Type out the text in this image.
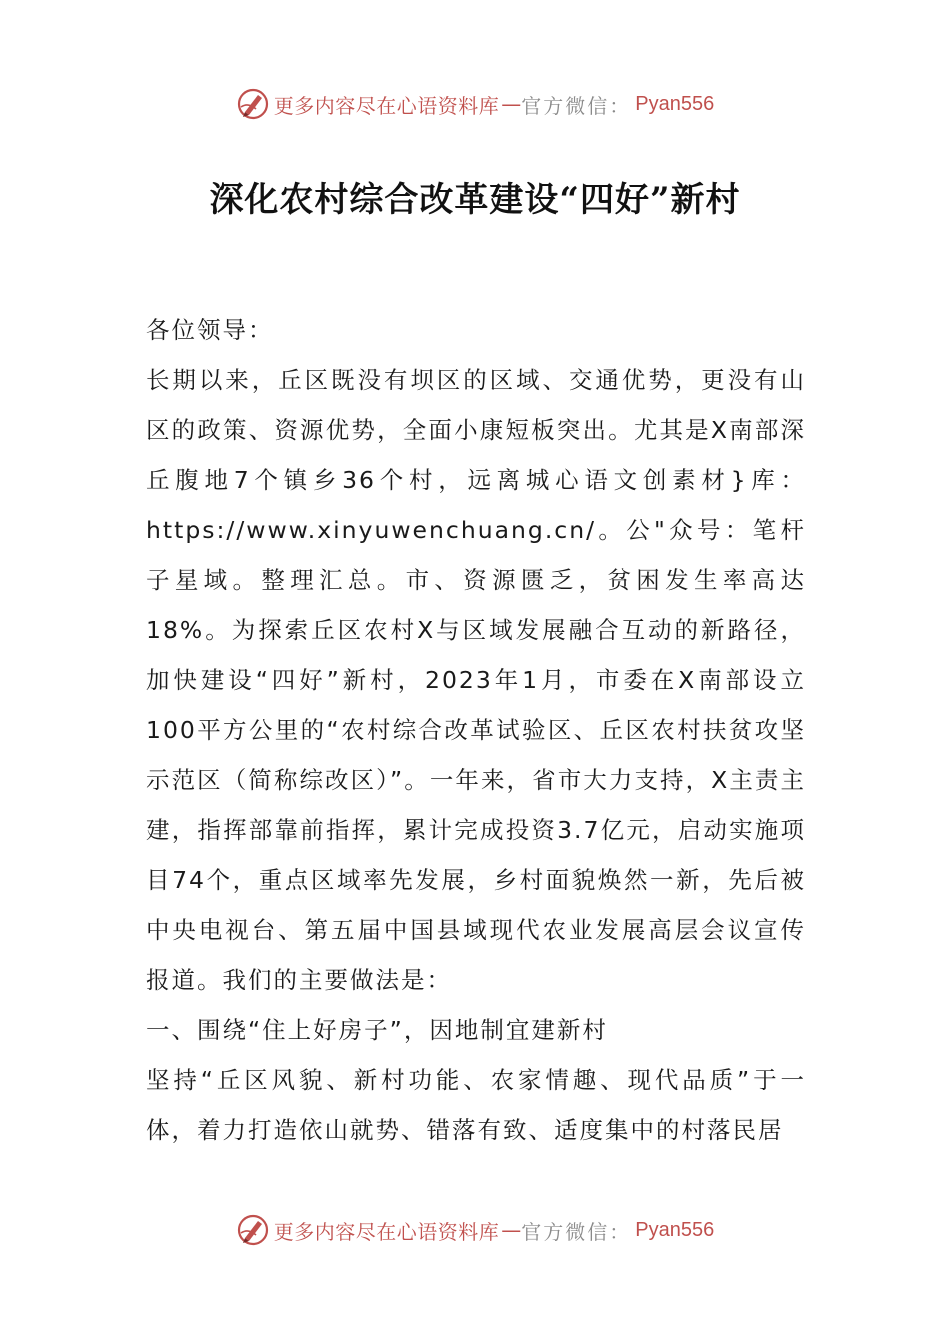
更多内容尽在心语资料库 — 官方微信： Pyan556
深化农村综合改革建设“四好”新村

各位领导：

长期以来，丘区既没有坝区的区域、交通优势，更没有山区的政策、资源优势，全面小康短板突出。尤其是X南部深丘腹地7个镇乡36个村，远离城心语文创素材}库：https://www.xinyuwenchuang.cn/。公"众号：笔杆子星域。整理汇总。市、资源匮乏，贫困发生率高达18%。为探索丘区农村X与区域发展融合互动的新路径，加快建设“四好”新村，2023年1月，市委在X南部设立100平方公里的“农村综合改革试验区、丘区农村扶贫攻坚示范区（简称综改区）”。一年来，省市大力支持，X主责主建，指挥部靠前指挥，累计完成投资3.7亿元，启动实施项目74个，重点区域率先发展，乡村面貌焕然一新，先后被中央电视台、第五届中国县域现代农业发展高层会议宣传报道。我们的主要做法是：

一、围绕“住上好房子”，因地制宜建新村

坚持“丘区风貌、新村功能、农家情趣、现代品质”于一体，着力打造依山就势、错落有致、适度集中的村落民居

更多内容尽在心语资料库 — 官方微信： Pyan556
